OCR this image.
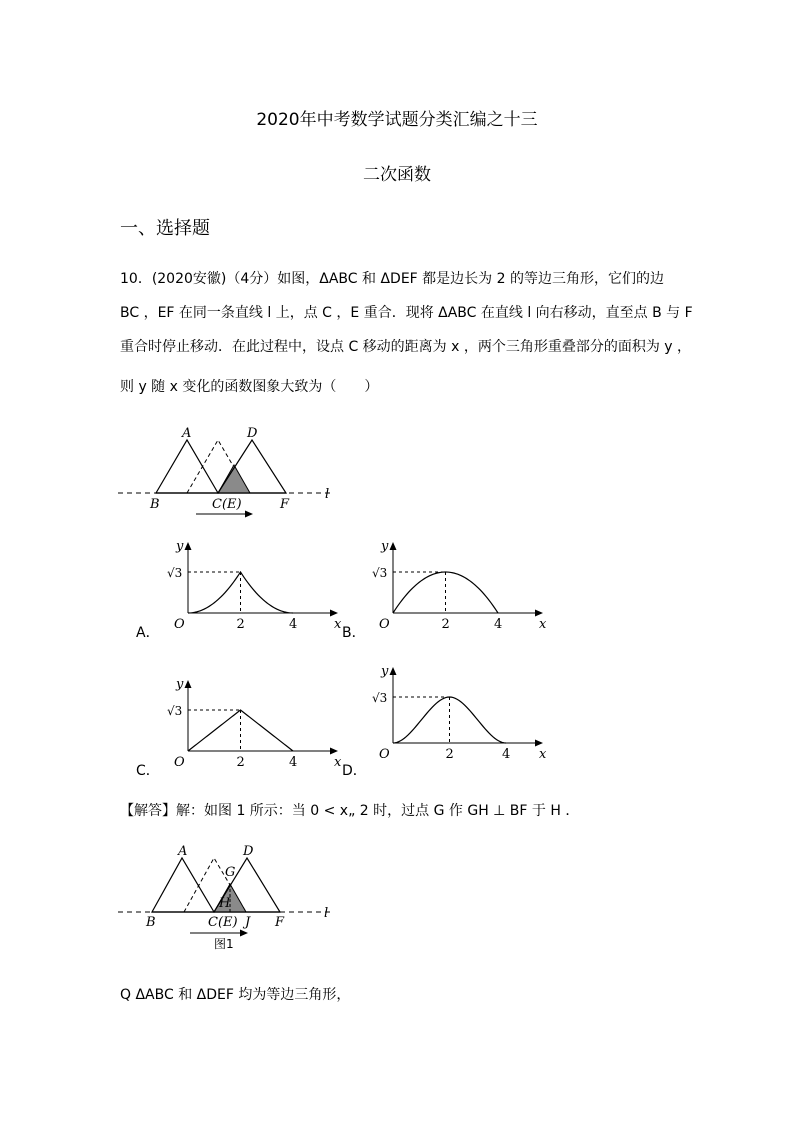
2020年中考数学试题分类汇编之十三
二次函数
一、选择题
10．(2020安徽)（4分）如图，ΔABC 和 ΔDEF 都是边长为 2 的等边三角形，它们的边
BC ，EF 在同一条直线 l 上，点 C ，E 重合．现将 ΔABC 在直线 l 向右移动，直至点 B 与 F
重合时停止移动．在此过程中，设点 C 移动的距离为 x ，两个三角形重叠部分的面积为 y ，
则 y 随 x 变化的函数图象大致为（　　）
A	D
B	C(E)	F
l
A．
y
x
O
√3
2	4
B．
y
x
O
√3
2	4
C．
y
x
O
√3
2	4
D．
y
x
O
√3
2	4
【解答】解：如图 1 所示：当 0 < x„ 2 时，过点 G 作 GH ⊥ BF 于 H ．
A	D
G
H
B	C(E) J F
l
图1
Q ΔABC 和 ΔDEF 均为等边三角形，
